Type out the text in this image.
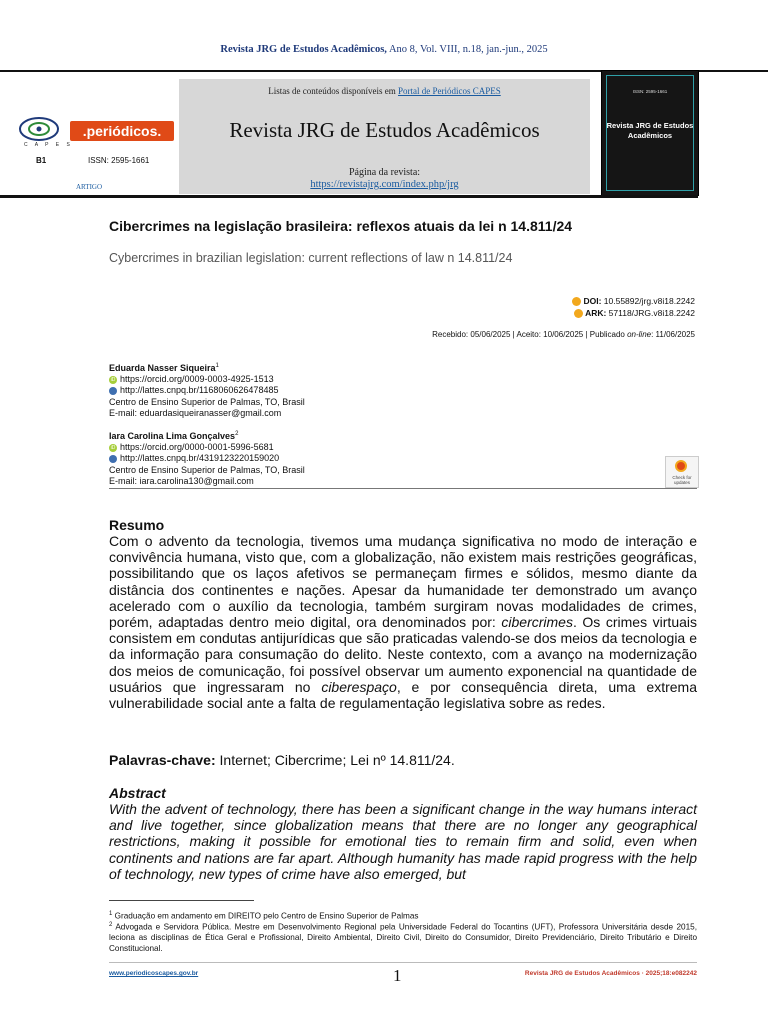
Revista JRG de Estudos Acadêmicos, Ano 8, Vol. VIII, n.18, jan.-jun., 2025
C A P E S
.periódicos.
B1	ISSN: 2595-1661
ARTIGO
Listas de conteúdos disponíveis em Portal de Periódicos CAPES
Revista JRG de Estudos Acadêmicos
Página da revista:
https://revistajrg.com/index.php/jrg
ISSN: 2595-1661
Revista JRG de Estudos Acadêmicos
Cibercrimes na legislação brasileira: reflexos atuais da lei n 14.811/24
Cybercrimes in brazilian legislation: current reflections of law n 14.811/24
DOI: 10.55892/jrg.v8i18.2242
ARK: 57118/JRG.v8i18.2242
Recebido: 05/06/2025 | Aceito: 10/06/2025 | Publicado on-line: 11/06/2025
Eduarda Nasser Siqueira$^1$
iD https://orcid.org/0009-0003-4925-1513
http://lattes.cnpq.br/1168060626478485
Centro de Ensino Superior de Palmas, TO, Brasil
E-mail: eduardasiqueiranasser@gmail.com
Iara Carolina Lima Gonçalves$^2$
iD https://orcid.org/0000-0001-5996-5681
http://lattes.cnpq.br/4319123220159020
Centro de Ensino Superior de Palmas, TO, Brasil
E-mail: iara.carolina130@gmail.com	Check for updates
Resumo
Com o advento da tecnologia, tivemos uma mudança significativa no modo de interação e convivência humana, visto que, com a globalização, não existem mais restrições geográficas, possibilitando que os laços afetivos se permaneçam firmes e sólidos, mesmo diante da distância dos continentes e nações. Apesar da humanidade ter demonstrado um avanço acelerado com o auxílio da tecnologia, também surgiram novas modalidades de crimes, porém, adaptadas dentro meio digital, ora denominados por: cibercrimes. Os crimes virtuais consistem em condutas antijurídicas que são praticadas valendo-se dos meios da tecnologia e da informação para consumação do delito. Neste contexto, com a avanço na modernização dos meios de comunicação, foi possível observar um aumento exponencial na quantidade de usuários que ingressaram no ciberespaço, e por consequência direta, uma extrema vulnerabilidade social ante a falta de regulamentação legislativa sobre as redes.
Palavras-chave: Internet; Cibercrime; Lei nº 14.811/24.
Abstract
With the advent of technology, there has been a significant change in the way humans interact and live together, since globalization means that there are no longer any geographical restrictions, making it possible for emotional ties to remain firm and solid, even when continents and nations are far apart. Although humanity has made rapid progress with the help of technology, new types of crime have also emerged, but
$^1$ Graduação em andamento em DIREITO pelo Centro de Ensino Superior de Palmas
$^2$ Advogada e Servidora Pública. Mestre em Desenvolvimento Regional pela Universidade Federal do Tocantins (UFT), Professora Universitária desde 2015, leciona as disciplinas de Ética Geral e Profissional, Direito Ambiental, Direito Civil, Direito do Consumidor, Direito Previdenciário, Direito Tributário e Direito Constitucional.
www.periodicoscapes.gov.br	1	Revista JRG de Estudos Acadêmicos · 2025;18:e082242
